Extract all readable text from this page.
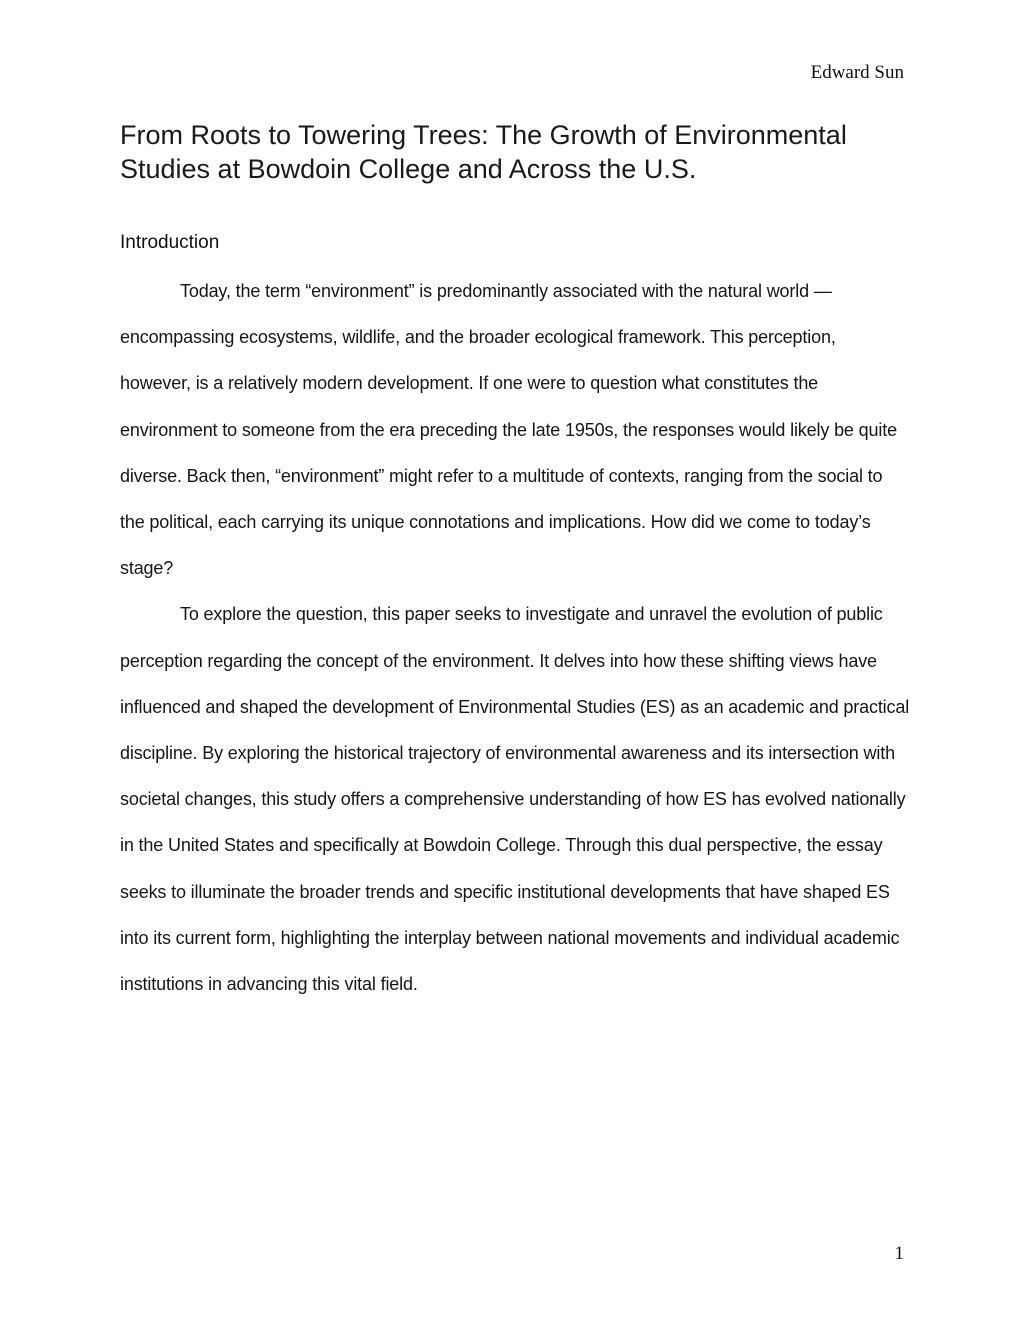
Edward Sun

From Roots to Towering Trees: The Growth of Environmental Studies at Bowdoin College and Across the U.S.
Introduction

Today, the term “environment” is predominantly associated with the natural world — encompassing ecosystems, wildlife, and the broader ecological framework. This perception, however, is a relatively modern development. If one were to question what constitutes the environment to someone from the era preceding the late 1950s, the responses would likely be quite diverse. Back then, “environment” might refer to a multitude of contexts, ranging from the social to the political, each carrying its unique connotations and implications. How did we come to today’s stage?

To explore the question, this paper seeks to investigate and unravel the evolution of public perception regarding the concept of the environment. It delves into how these shifting views have influenced and shaped the development of Environmental Studies (ES) as an academic and practical discipline. By exploring the historical trajectory of environmental awareness and its intersection with societal changes, this study offers a comprehensive understanding of how ES has evolved nationally in the United States and specifically at Bowdoin College. Through this dual perspective, the essay seeks to illuminate the broader trends and specific institutional developments that have shaped ES into its current form, highlighting the interplay between national movements and individual academic institutions in advancing this vital field.

1
